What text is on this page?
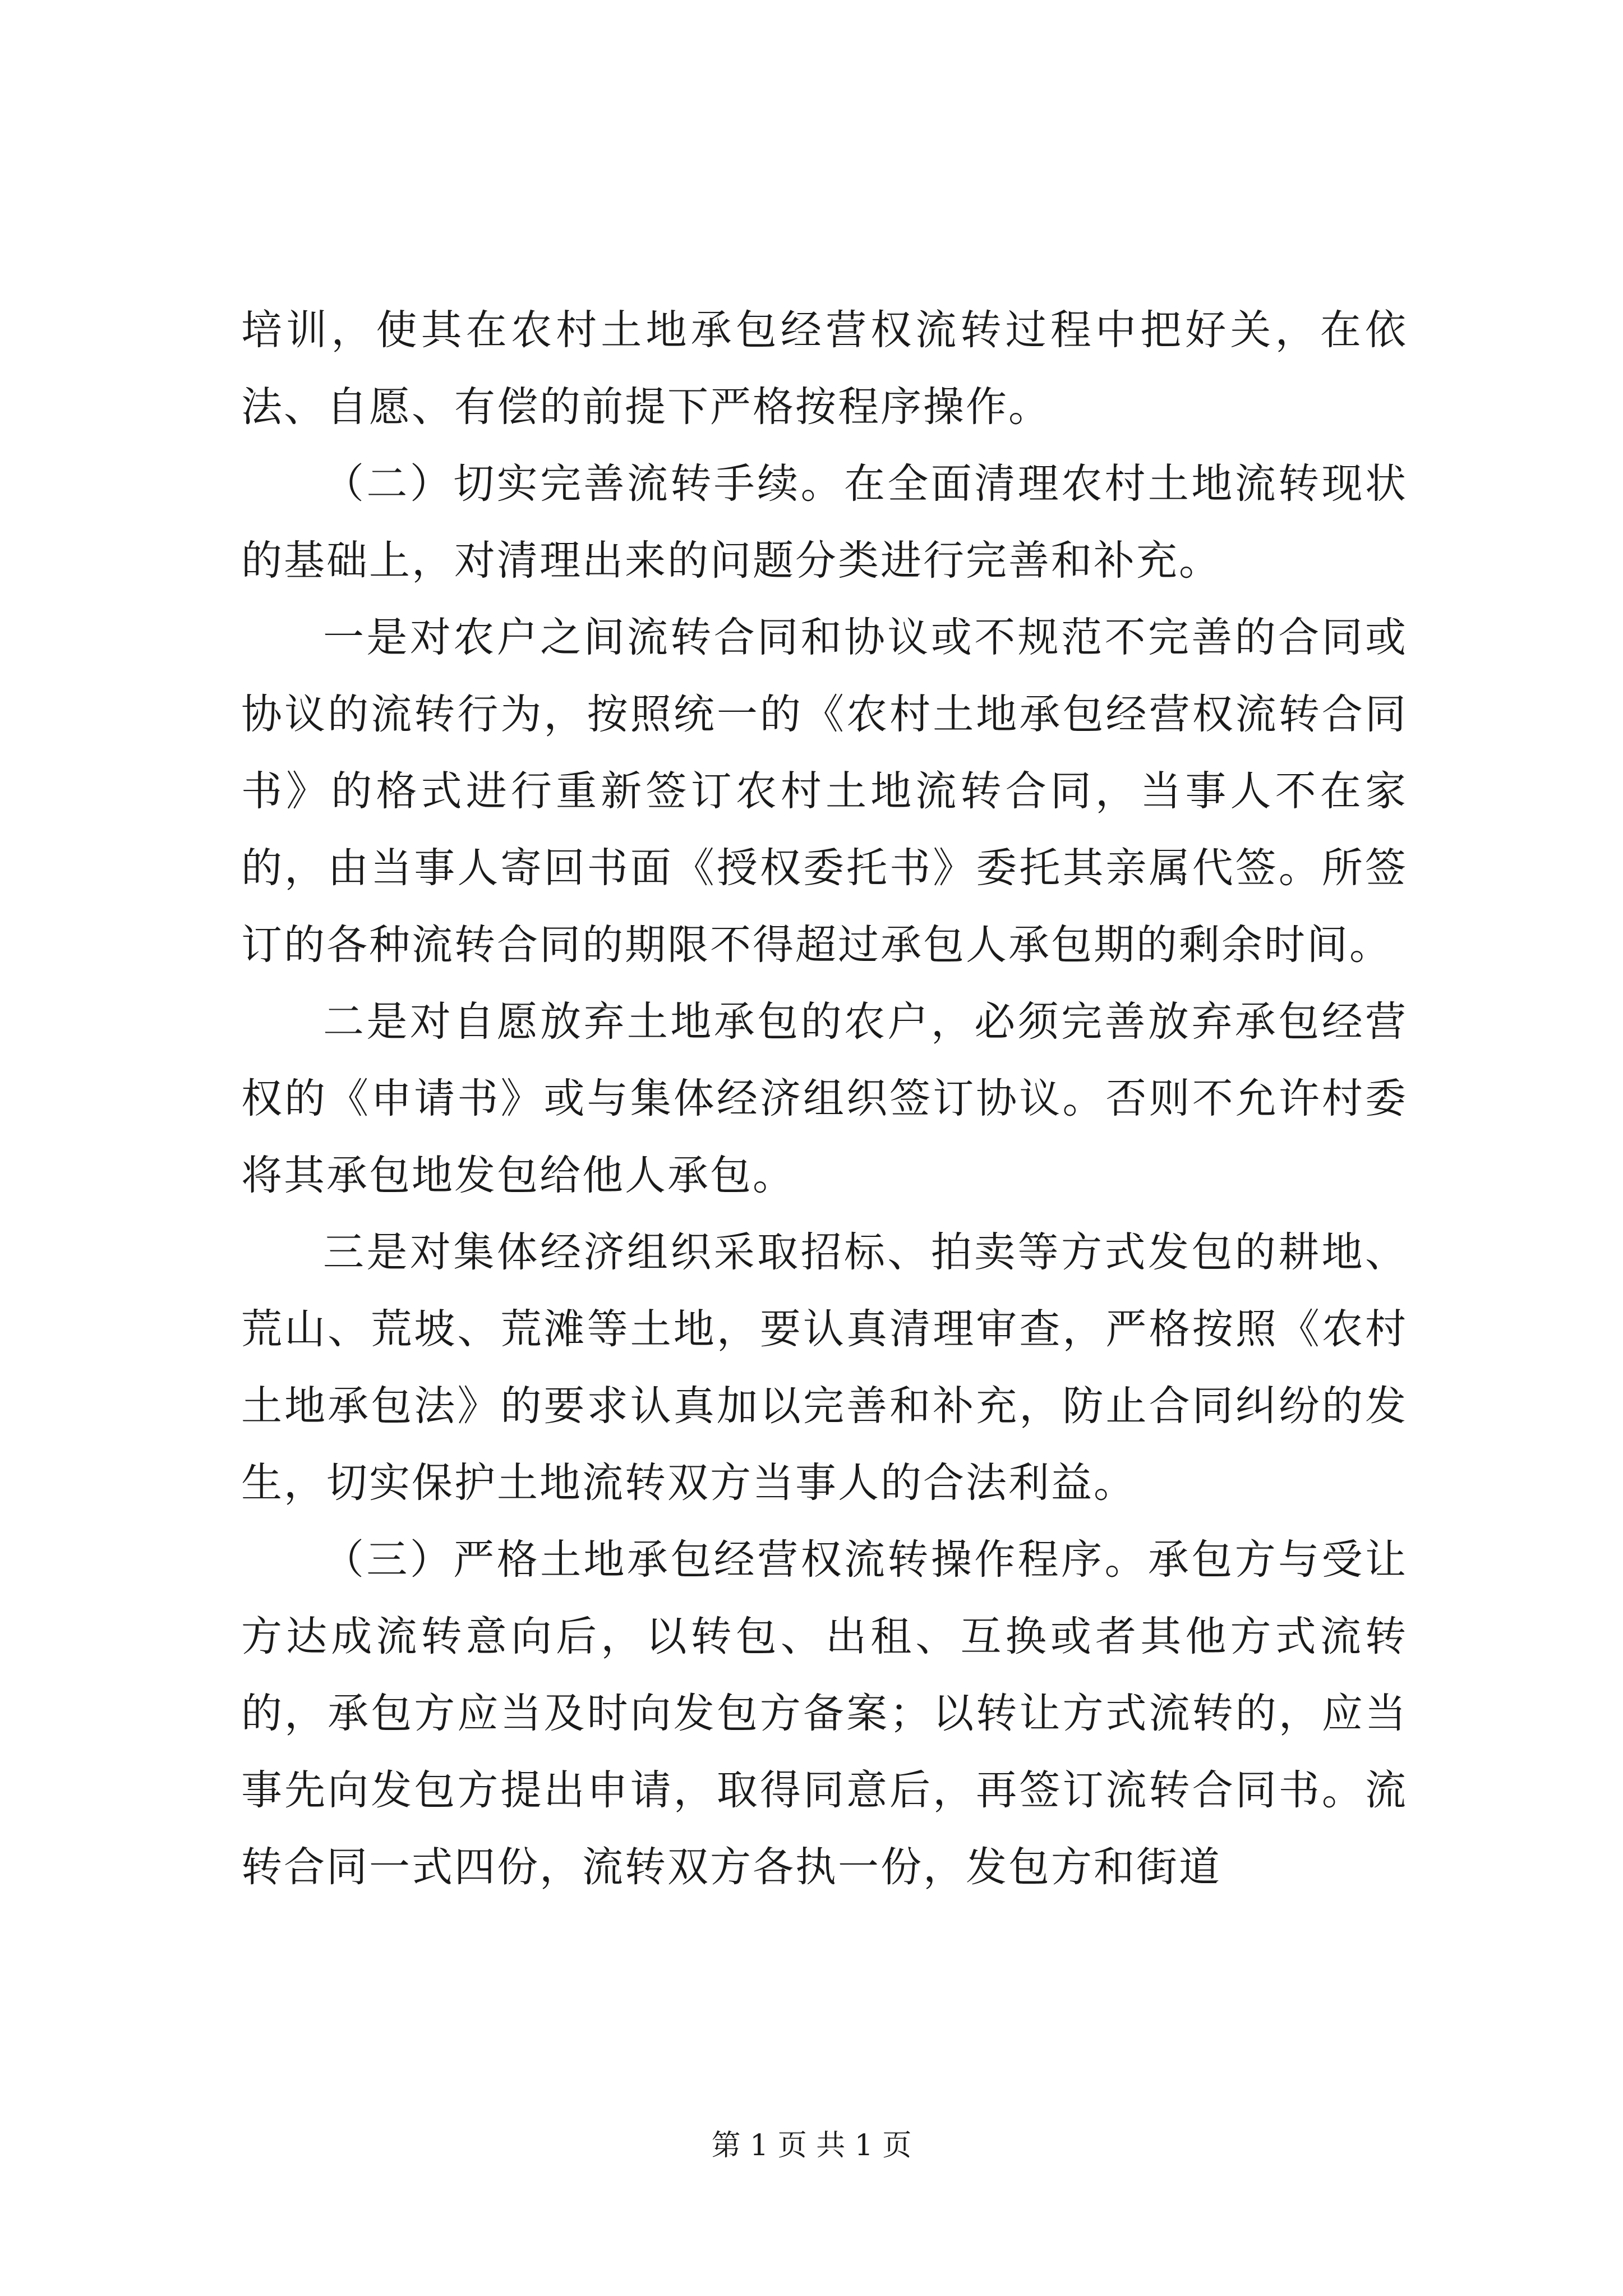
培训，使其在农村土地承包经营权流转过程中把好关，在依法、自愿、有偿的前提下严格按程序操作。

（二）切实完善流转手续。在全面清理农村土地流转现状的基础上，对清理出来的问题分类进行完善和补充。

一是对农户之间流转合同和协议或不规范不完善的合同或协议的流转行为，按照统一的《农村土地承包经营权流转合同书》的格式进行重新签订农村土地流转合同，当事人不在家的，由当事人寄回书面《授权委托书》委托其亲属代签。所签订的各种流转合同的期限不得超过承包人承包期的剩余时间。

二是对自愿放弃土地承包的农户，必须完善放弃承包经营权的《申请书》或与集体经济组织签订协议。否则不允许村委将其承包地发包给他人承包。

三是对集体经济组织采取招标、拍卖等方式发包的耕地、荒山、荒坡、荒滩等土地，要认真清理审查，严格按照《农村土地承包法》的要求认真加以完善和补充，防止合同纠纷的发生，切实保护土地流转双方当事人的合法利益。

（三）严格土地承包经营权流转操作程序。承包方与受让方达成流转意向后，以转包、出租、互换或者其他方式流转的，承包方应当及时向发包方备案；以转让方式流转的，应当事先向发包方提出申请，取得同意后，再签订流转合同书。流转合同一式四份，流转双方各执一份，发包方和街道

第 1 页 共 1 页
